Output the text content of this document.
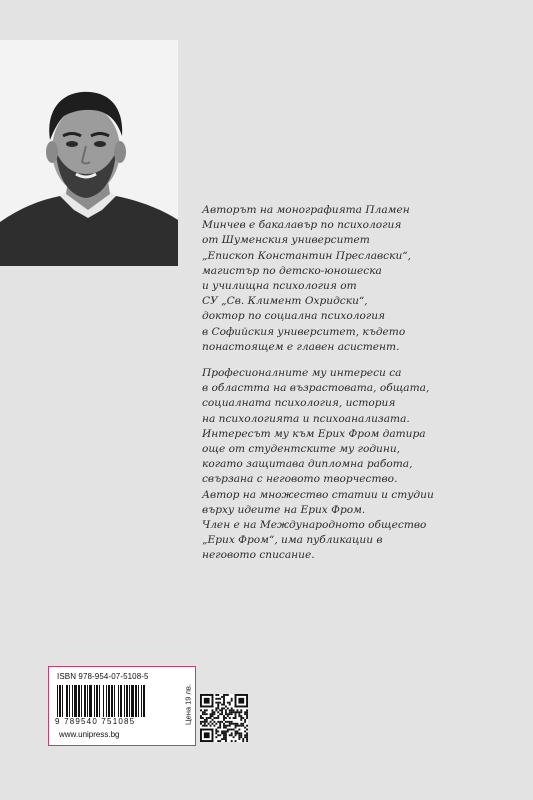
Авторът на монографията Пламен
Минчев е бакалавър по психология
от Шуменския университет
„Епископ Константин Преславски“,
магистър по детско-юношеска
и училищна психология от
СУ „Св. Климент Охридски“,
доктор по социална психология
в Софийския университет, където
понастоящем е главен асистент.
Професионалните му интереси са
в областта на възрастовата, общата,
социалната психология, история
на психологията и психоанализата.
Интересът му към Ерих Фром датира
още от студентските му години,
когато защитава дипломна работа,
свързана с неговото творчество.
Автор на множество статии и студии
върху идеите на Ерих Фром.
Член е на Международното общество
„Ерих Фром“, има публикации в
неговото списание.
ISBN 978-954-07-5108-5
9 789540 751085
www.unipress.bg
Цена 19 лв.
